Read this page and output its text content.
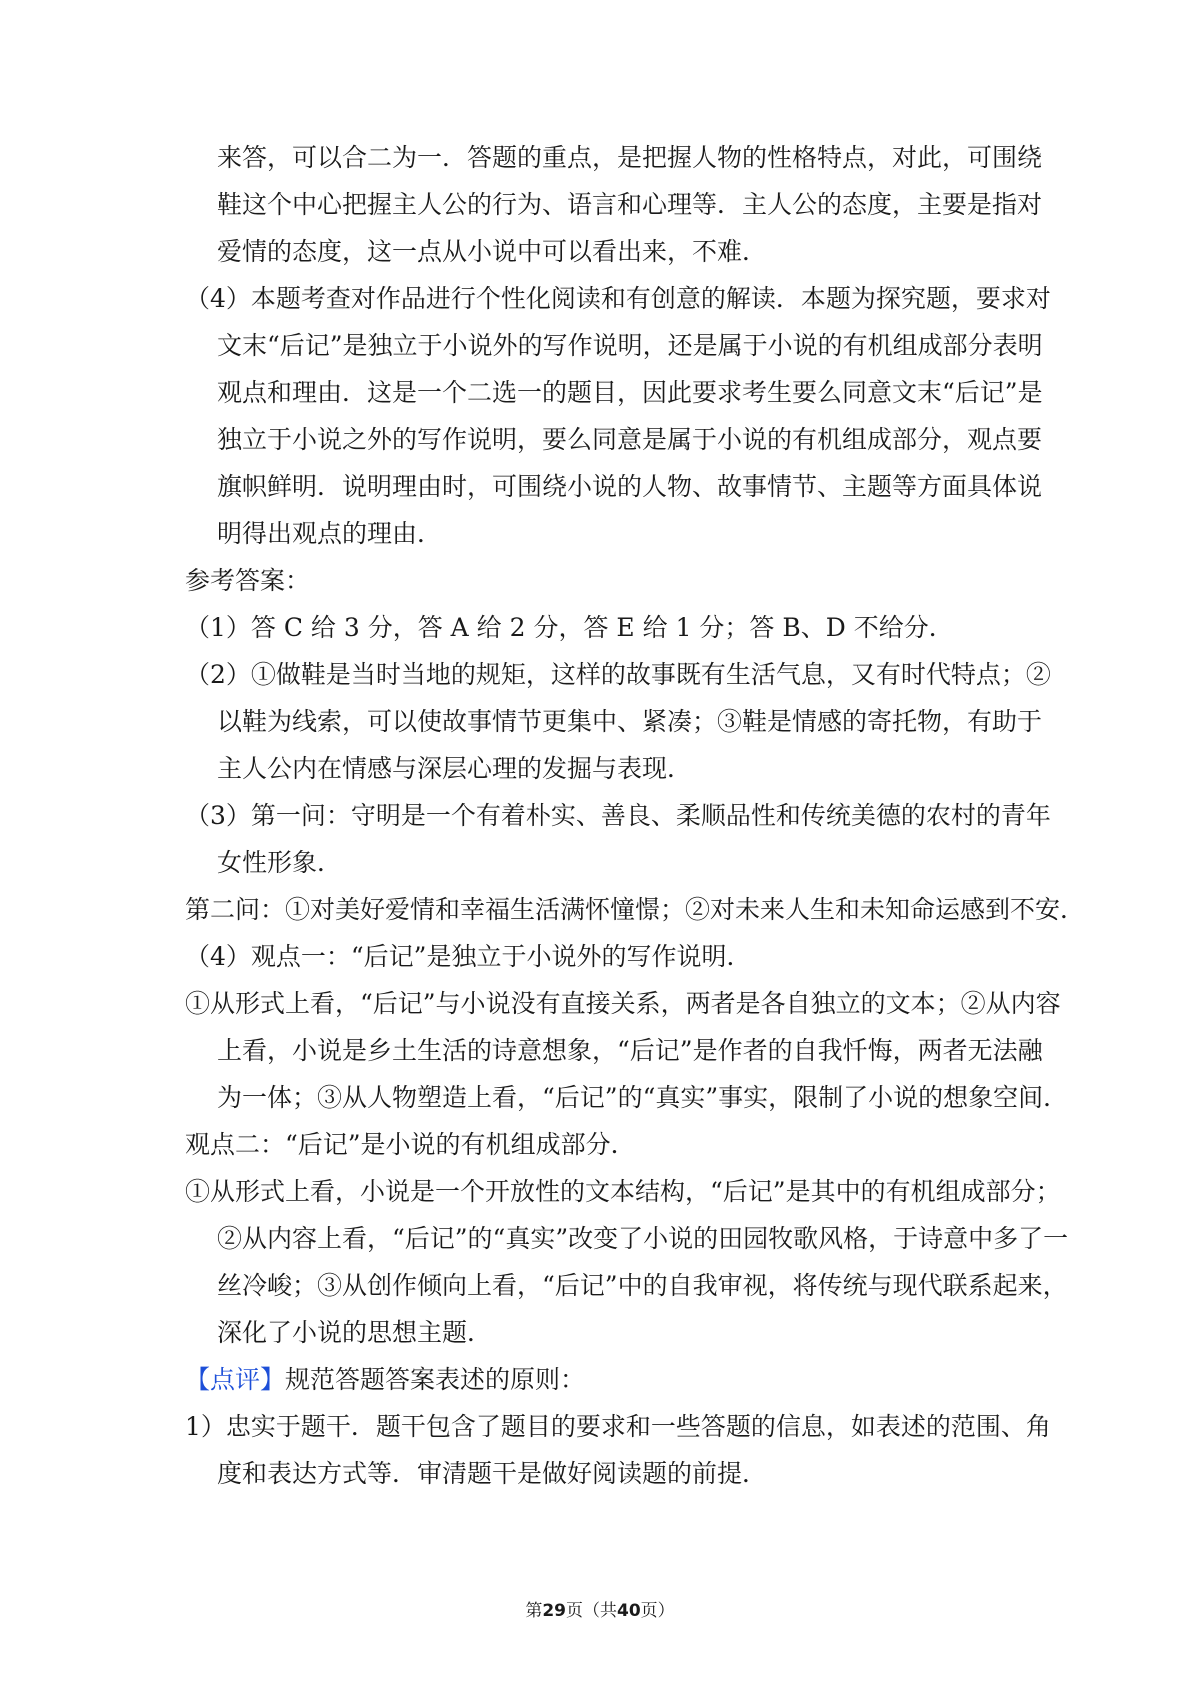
来答，可以合二为一．答题的重点，是把握人物的性格特点，对此，可围绕
鞋这个中心把握主人公的行为、语言和心理等．主人公的态度，主要是指对
爱情的态度，这一点从小说中可以看出来，不难．
（4）本题考查对作品进行个性化阅读和有创意的解读．本题为探究题，要求对
文末“后记”是独立于小说外的写作说明，还是属于小说的有机组成部分表明
观点和理由．这是一个二选一的题目，因此要求考生要么同意文末“后记”是
独立于小说之外的写作说明，要么同意是属于小说的有机组成部分，观点要
旗帜鲜明．说明理由时，可围绕小说的人物、故事情节、主题等方面具体说
明得出观点的理由．
参考答案：
（1）答 C 给 3 分，答 A 给 2 分，答 E 给 1 分；答 B、D 不给分．
（2）①做鞋是当时当地的规矩，这样的故事既有生活气息，又有时代特点；②
以鞋为线索，可以使故事情节更集中、紧凑；③鞋是情感的寄托物，有助于
主人公内在情感与深层心理的发掘与表现．
（3）第一问：守明是一个有着朴实、善良、柔顺品性和传统美德的农村的青年
女性形象．
第二问：①对美好爱情和幸福生活满怀憧憬；②对未来人生和未知命运感到不安．
（4）观点一：“后记”是独立于小说外的写作说明．
①从形式上看，“后记”与小说没有直接关系，两者是各自独立的文本；②从内容
上看，小说是乡土生活的诗意想象，“后记”是作者的自我忏悔，两者无法融
为一体；③从人物塑造上看，“后记”的“真实”事实，限制了小说的想象空间．
观点二：“后记”是小说的有机组成部分．
①从形式上看，小说是一个开放性的文本结构，“后记”是其中的有机组成部分；
②从内容上看，“后记”的“真实”改变了小说的田园牧歌风格，于诗意中多了一
丝冷峻；③从创作倾向上看，“后记”中的自我审视，将传统与现代联系起来，
深化了小说的思想主题．
【点评】规范答题答案表述的原则：
1）忠实于题干．题干包含了题目的要求和一些答题的信息，如表述的范围、角
度和表达方式等．审清题干是做好阅读题的前提．
第29页（共40页）
